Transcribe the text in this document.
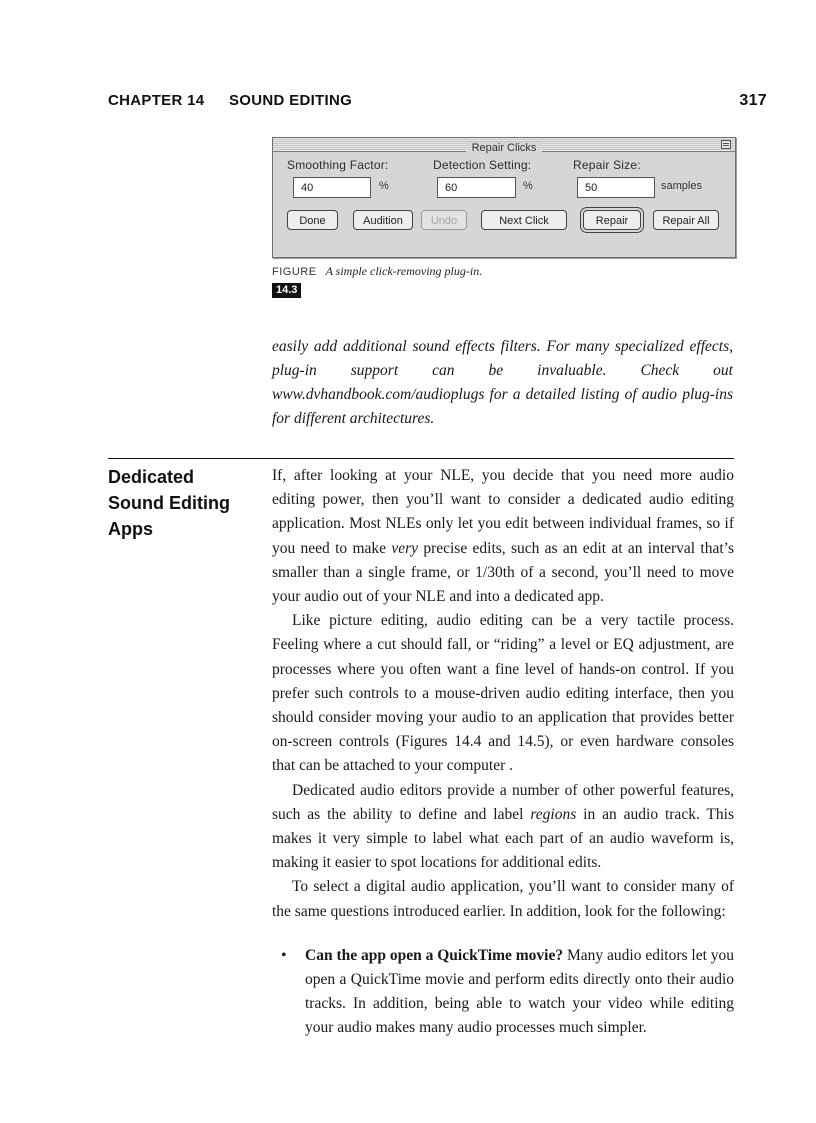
CHAPTER 14 SOUND EDITING	317
Repair Clicks
Smoothing Factor:
40	%
Detection Setting:
60	%
Repair Size:
50	samples
Done	Audition	Undo	Next Click	Repair	Repair All
FIGURE A simple click-removing plug-in.
14.3
easily add additional sound effects filters. For many specialized effects, plug-in support can be invaluable. Check out www.dvhandbook.com/audioplugs for a detailed listing of audio plug-ins for different architectures.
Dedicated
Sound Editing
Apps

If, after looking at your NLE, you decide that you need more audio editing power, then you’ll want to consider a dedicated audio editing application. Most NLEs only let you edit between individual frames, so if you need to make very precise edits, such as an edit at an interval that’s smaller than a single frame, or 1/30th of a second, you’ll need to move your audio out of your NLE and into a dedicated app.

Like picture editing, audio editing can be a very tactile process. Feeling where a cut should fall, or “riding” a level or EQ adjustment, are processes where you often want a fine level of hands-on control. If you prefer such controls to a mouse-driven audio editing interface, then you should consider moving your audio to an application that provides better on-screen controls (Figures 14.4 and 14.5), or even hardware consoles that can be attached to your computer .

Dedicated audio editors provide a number of other powerful features, such as the ability to define and label regions in an audio track. This makes it very simple to label what each part of an audio waveform is, making it easier to spot locations for additional edits.

To select a digital audio application, you’ll want to consider many of the same questions introduced earlier. In addition, look for the following:

• Can the app open a QuickTime movie? Many audio editors let you open a QuickTime movie and perform edits directly onto their audio tracks. In addition, being able to watch your video while editing your audio makes many audio processes much simpler.
